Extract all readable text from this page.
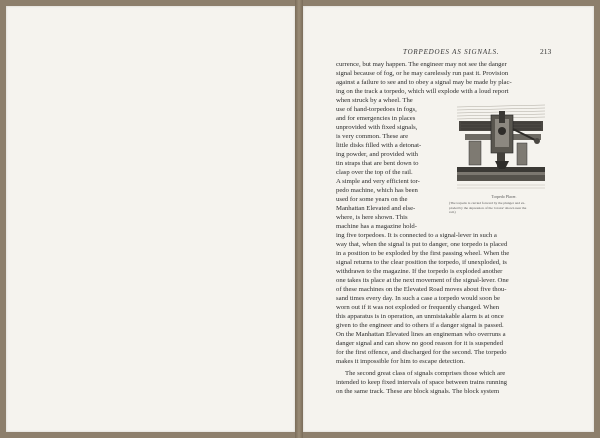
TORPEDOES AS SIGNALS.	213
currence, but may happen. The engineer may not see the danger
signal because of fog, or he may carelessly run past it. Provision
against a failure to see and to obey a signal may be made by plac-
ing on the track a torpedo, which will explode with a loud report
when struck by a wheel. The
use of hand-torpedoes in fogs,
and for emergencies in places
unprovided with fixed signals,
is very common. These are
little disks filled with a detonat-
ing powder, and provided with
tin straps that are bent down to
clasp over the top of the rail.
A simple and very efficient tor-
pedo machine, which has been
used for some years on the
Manhattan Elevated and else-
where, is here shown. This
machine has a magazine hold-
ing five torpedoes. It is connected to a signal-lever in such a
way that, when the signal is put to danger, one torpedo is placed
in a position to be exploded by the first passing wheel. When the
signal returns to the clear position the torpedo, if unexploded, is
withdrawn to the magazine. If the torpedo is exploded another
one takes its place at the next movement of the signal-lever. One
of these machines on the Elevated Road moves about five thou-
sand times every day. In such a case a torpedo would soon be
worn out if it was not exploded or frequently changed. When
this apparatus is in operation, an unmistakable alarm is at once
given to the engineer and to others if a danger signal is passed.
On the Manhattan Elevated lines an engineman who overruns a
danger signal and can show no good reason for it is suspended
for the first offence, and discharged for the second. The torpedo
makes it impossible for him to escape detection.
The second great class of signals comprises those which are
intended to keep fixed intervals of space between trains running
on the same track. These are block signals. The block system
Torpedo Placer.
(The torpedo is carried forward by the plunger and ex-
ploded by the depression of the 'rotator' shown near the
rail.)
